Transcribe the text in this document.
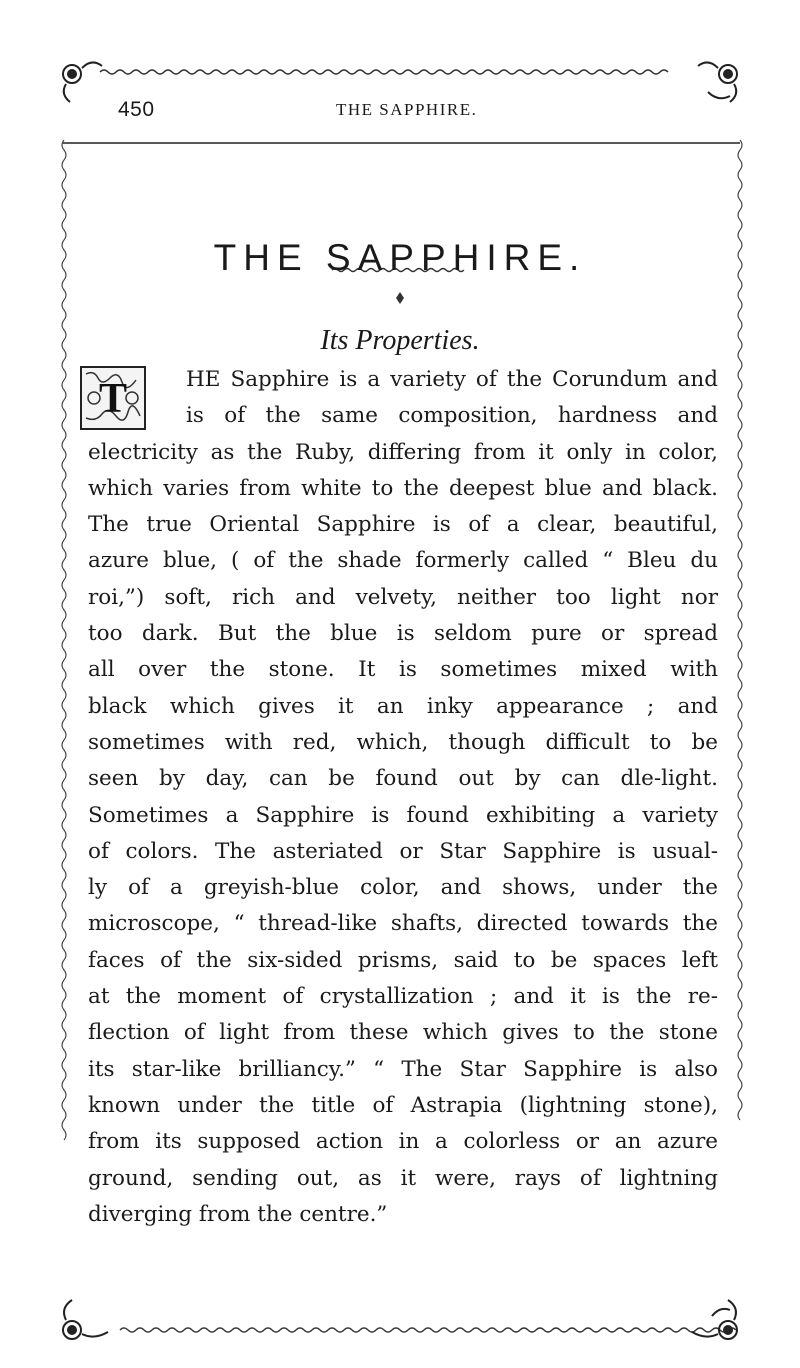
450	THE SAPPHIRE.
THE SAPPHIRE.
Its Properties.
T	HE Sapphire is a variety of the Corundum and
is of the same composition, hardness and
electricity as the Ruby, differing from it only in color,
which varies from white to the deepest blue and black.
The true Oriental Sapphire is of a clear, beautiful,
azure blue, ( of the shade formerly called “ Bleu du
roi,”) soft, rich and velvety, neither too light nor
too dark. But the blue is seldom pure or spread
all over the stone. It is sometimes mixed with
black which gives it an inky appearance ; and
sometimes with red, which, though difficult to be
seen by day, can be found out by can dle-light.
Sometimes a Sapphire is found exhibiting a variety
of colors. The asteriated or Star Sapphire is usual-
ly of a greyish-blue color, and shows, under the
microscope, “ thread-like shafts, directed towards the
faces of the six-sided prisms, said to be spaces left
at the moment of crystallization ; and it is the re-
flection of light from these which gives to the stone
its star-like brilliancy.” “ The Star Sapphire is also
known under the title of Astrapia (lightning stone),
from its supposed action in a colorless or an azure
ground, sending out, as it were, rays of lightning
diverging from the centre.”
